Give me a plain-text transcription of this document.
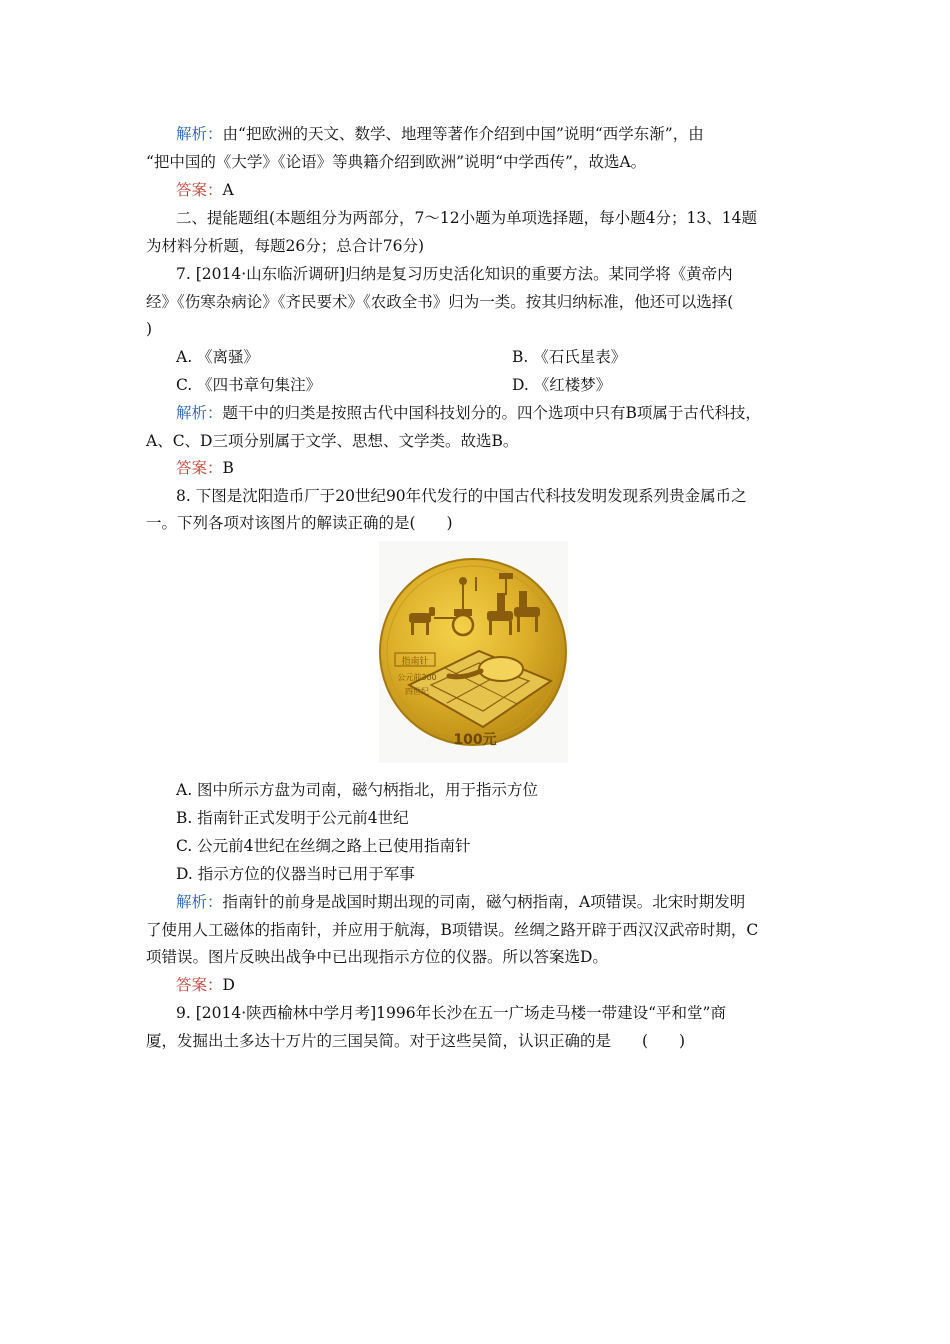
解析：由“把欧洲的天文、数学、地理等著作介绍到中国”说明“西学东渐”，由
“把中国的《大学》《论语》等典籍介绍到欧洲”说明“中学西传”，故选A。
答案：A
二、提能题组(本题组分为两部分，7～12小题为单项选择题，每小题4分；13、14题
为材料分析题，每题26分；总合计76分)
7. [2014·山东临沂调研]归纳是复习历史活化知识的重要方法。某同学将《黄帝内
经》《伤寒杂病论》《齐民要术》《农政全书》归为一类。按其归纳标准，他还可以选择(
)
A. 《离骚》	B. 《石氏星表》
C. 《四书章句集注》	D. 《红楼梦》
解析：题干中的归类是按照古代中国科技划分的。四个选项中只有B项属于古代科技，
A、C、D三项分别属于文学、思想、文学类。故选B。
答案：B
8. 下图是沈阳造币厂于20世纪90年代发行的中国古代科技发明发现系列贵金属币之
一。下列各项对该图片的解读正确的是(　　)
指南针
公元前300
四世纪
100元
A. 图中所示方盘为司南，磁勺柄指北，用于指示方位
B. 指南针正式发明于公元前4世纪
C. 公元前4世纪在丝绸之路上已使用指南针
D. 指示方位的仪器当时已用于军事
解析：指南针的前身是战国时期出现的司南，磁勺柄指南，A项错误。北宋时期发明
了使用人工磁体的指南针，并应用于航海，B项错误。丝绸之路开辟于西汉汉武帝时期，C
项错误。图片反映出战争中已出现指示方位的仪器。所以答案选D。
答案：D
9. [2014·陕西榆林中学月考]1996年长沙在五一广场走马楼一带建设“平和堂”商
厦，发掘出土多达十万片的三国吴简。对于这些吴简，认识正确的是　　(　　)
